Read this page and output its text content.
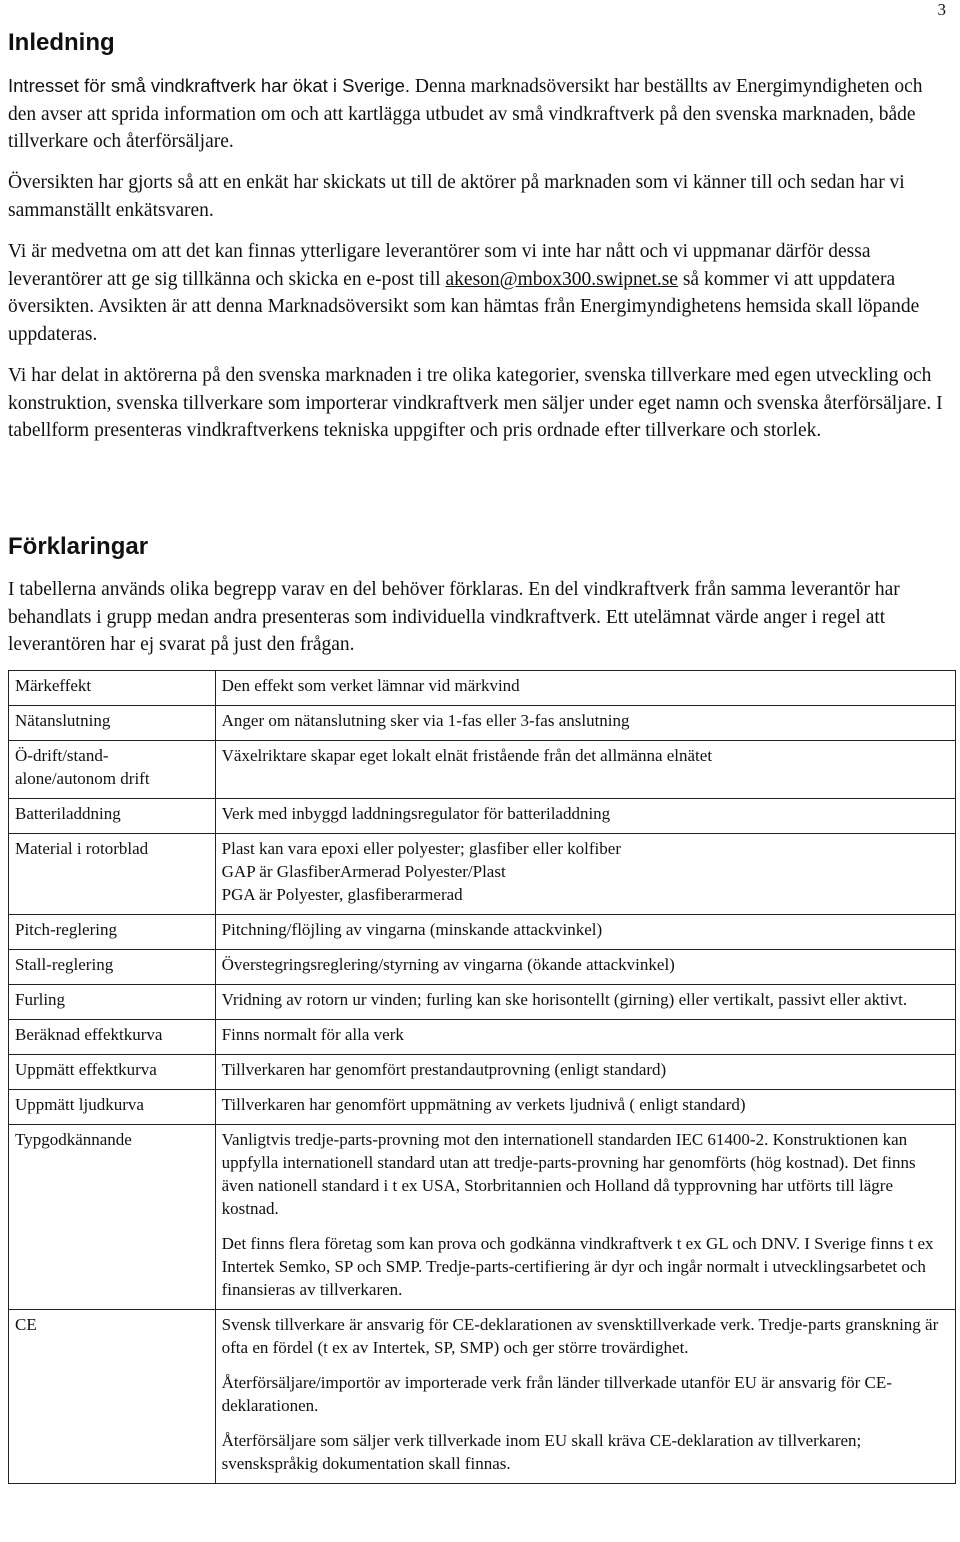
3
Inledning
Intresset för små vindkraftverk har ökat i Sverige. Denna marknadsöversikt har beställts av Energimyndigheten och den avser att sprida information om och att kartlägga utbudet av små vindkraftverk på den svenska marknaden, både tillverkare och återförsäljare.
Översikten har gjorts så att en enkät har skickats ut till de aktörer på marknaden som vi känner till och sedan har vi sammanställt enkätsvaren.
Vi är medvetna om att det kan finnas ytterligare leverantörer som vi inte har nått och vi uppmanar därför dessa leverantörer att ge sig tillkänna och skicka en e-post till akeson@mbox300.swipnet.se så kommer vi att uppdatera översikten. Avsikten är att denna Marknadsöversikt som kan hämtas från Energimyndighetens hemsida skall löpande uppdateras.
Vi har delat in aktörerna på den svenska marknaden i tre olika kategorier, svenska tillverkare med egen utveckling och konstruktion, svenska tillverkare som importerar vindkraftverk men säljer under eget namn och svenska återförsäljare. I tabellform presenteras vindkraftverkens tekniska uppgifter och pris ordnade efter tillverkare och storlek.
Förklaringar
I tabellerna används olika begrepp varav en del behöver förklaras. En del vindkraftverk från samma leverantör har behandlats i grupp medan andra presenteras som individuella vindkraftverk. Ett utelämnat värde anger i regel att leverantören har ej svarat på just den frågan.
Märkeffekt	Den effekt som verket lämnar vid märkvind

Nätanslutning	Anger om nätanslutning sker via 1-fas eller 3-fas anslutning

Ö-drift/stand-alone/autonom drift	Växelriktare skapar eget lokalt elnät fristående från det allmänna elnätet

Batteriladdning	Verk med inbyggd laddningsregulator för batteriladdning

Material i rotorblad	Plast kan vara epoxi eller polyester; glasfiber eller kolfiber
GAP är GlasfiberArmerad Polyester/Plast
PGA är Polyester, glasfiberarmerad

Pitch-reglering	Pitchning/flöjling av vingarna (minskande attackvinkel)

Stall-reglering	Överstegringsreglering/styrning av vingarna (ökande attackvinkel)

Furling	Vridning av rotorn ur vinden; furling kan ske horisontellt (girning) eller vertikalt, passivt eller aktivt.

Beräknad effektkurva	Finns normalt för alla verk

Uppmätt effektkurva	Tillverkaren har genomfört prestandautprovning (enligt standard)

Uppmätt ljudkurva	Tillverkaren har genomfört uppmätning av verkets ljudnivå ( enligt standard)

Typgodkännande	Vanligtvis tredje-parts-provning mot den internationell standarden IEC 61400-2. Konstruktionen kan uppfylla internationell standard utan att tredje-parts-provning har genomförts (hög kostnad). Det finns även nationell standard i t ex USA, Storbritannien och Holland då typprovning har utförts till lägre kostnad.

Det finns flera företag som kan prova och godkänna vindkraftverk t ex GL och DNV. I Sverige finns t ex Intertek Semko, SP och SMP. Tredje-parts-certifiering är dyr och ingår normalt i utvecklingsarbetet och finansieras av tillverkaren.

CE	Svensk tillverkare är ansvarig för CE-deklarationen av svensktillverkade verk. Tredje-parts granskning är ofta en fördel (t ex av Intertek, SP, SMP) och ger större trovärdighet.

Återförsäljare/importör av importerade verk från länder tillverkade utanför EU är ansvarig för CE-deklarationen.

Återförsäljare som säljer verk tillverkade inom EU skall kräva CE-deklaration av tillverkaren; svenskspråkig dokumentation skall finnas.
